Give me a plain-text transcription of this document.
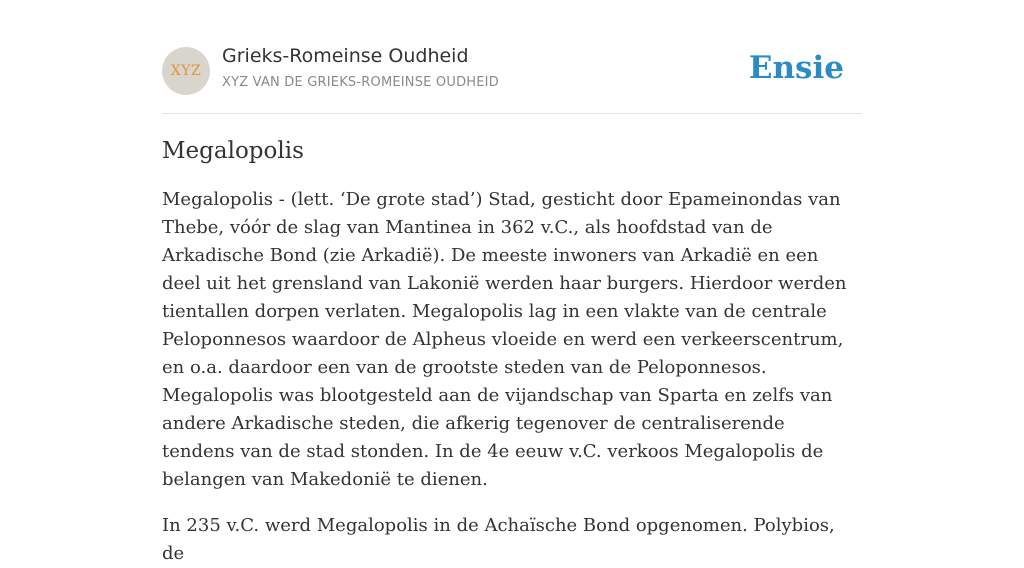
XYZ
Grieks-Romeinse Oudheid
XYZ VAN DE GRIEKS-ROMEINSE OUDHEID	Ensie
Megalopolis

Megalopolis - (lett. ‘De grote stad’) Stad, gesticht door Epameinondas van Thebe, vóór de slag van Mantinea in 362 v.C., als hoofdstad van de Arkadische Bond (zie Arkadië). De meeste inwoners van Arkadië en een deel uit het grensland van Lakonië werden haar burgers. Hierdoor werden tientallen dorpen verlaten. Megalopolis lag in een vlakte van de centrale Peloponnesos waardoor de Alpheus vloeide en werd een verkeerscentrum, en o.a. daardoor een van de grootste steden van de Peloponnesos. Megalopolis was blootgesteld aan de vijandschap van Sparta en zelfs van andere Arkadische steden, die afkerig tegenover de centraliserende tendens van de stad stonden. In de 4e eeuw v.C. verkoos Megalopolis de belangen van Makedonië te dienen.

In 235 v.C. werd Megalopolis in de Achaïsche Bond opgenomen. Polybios, de
